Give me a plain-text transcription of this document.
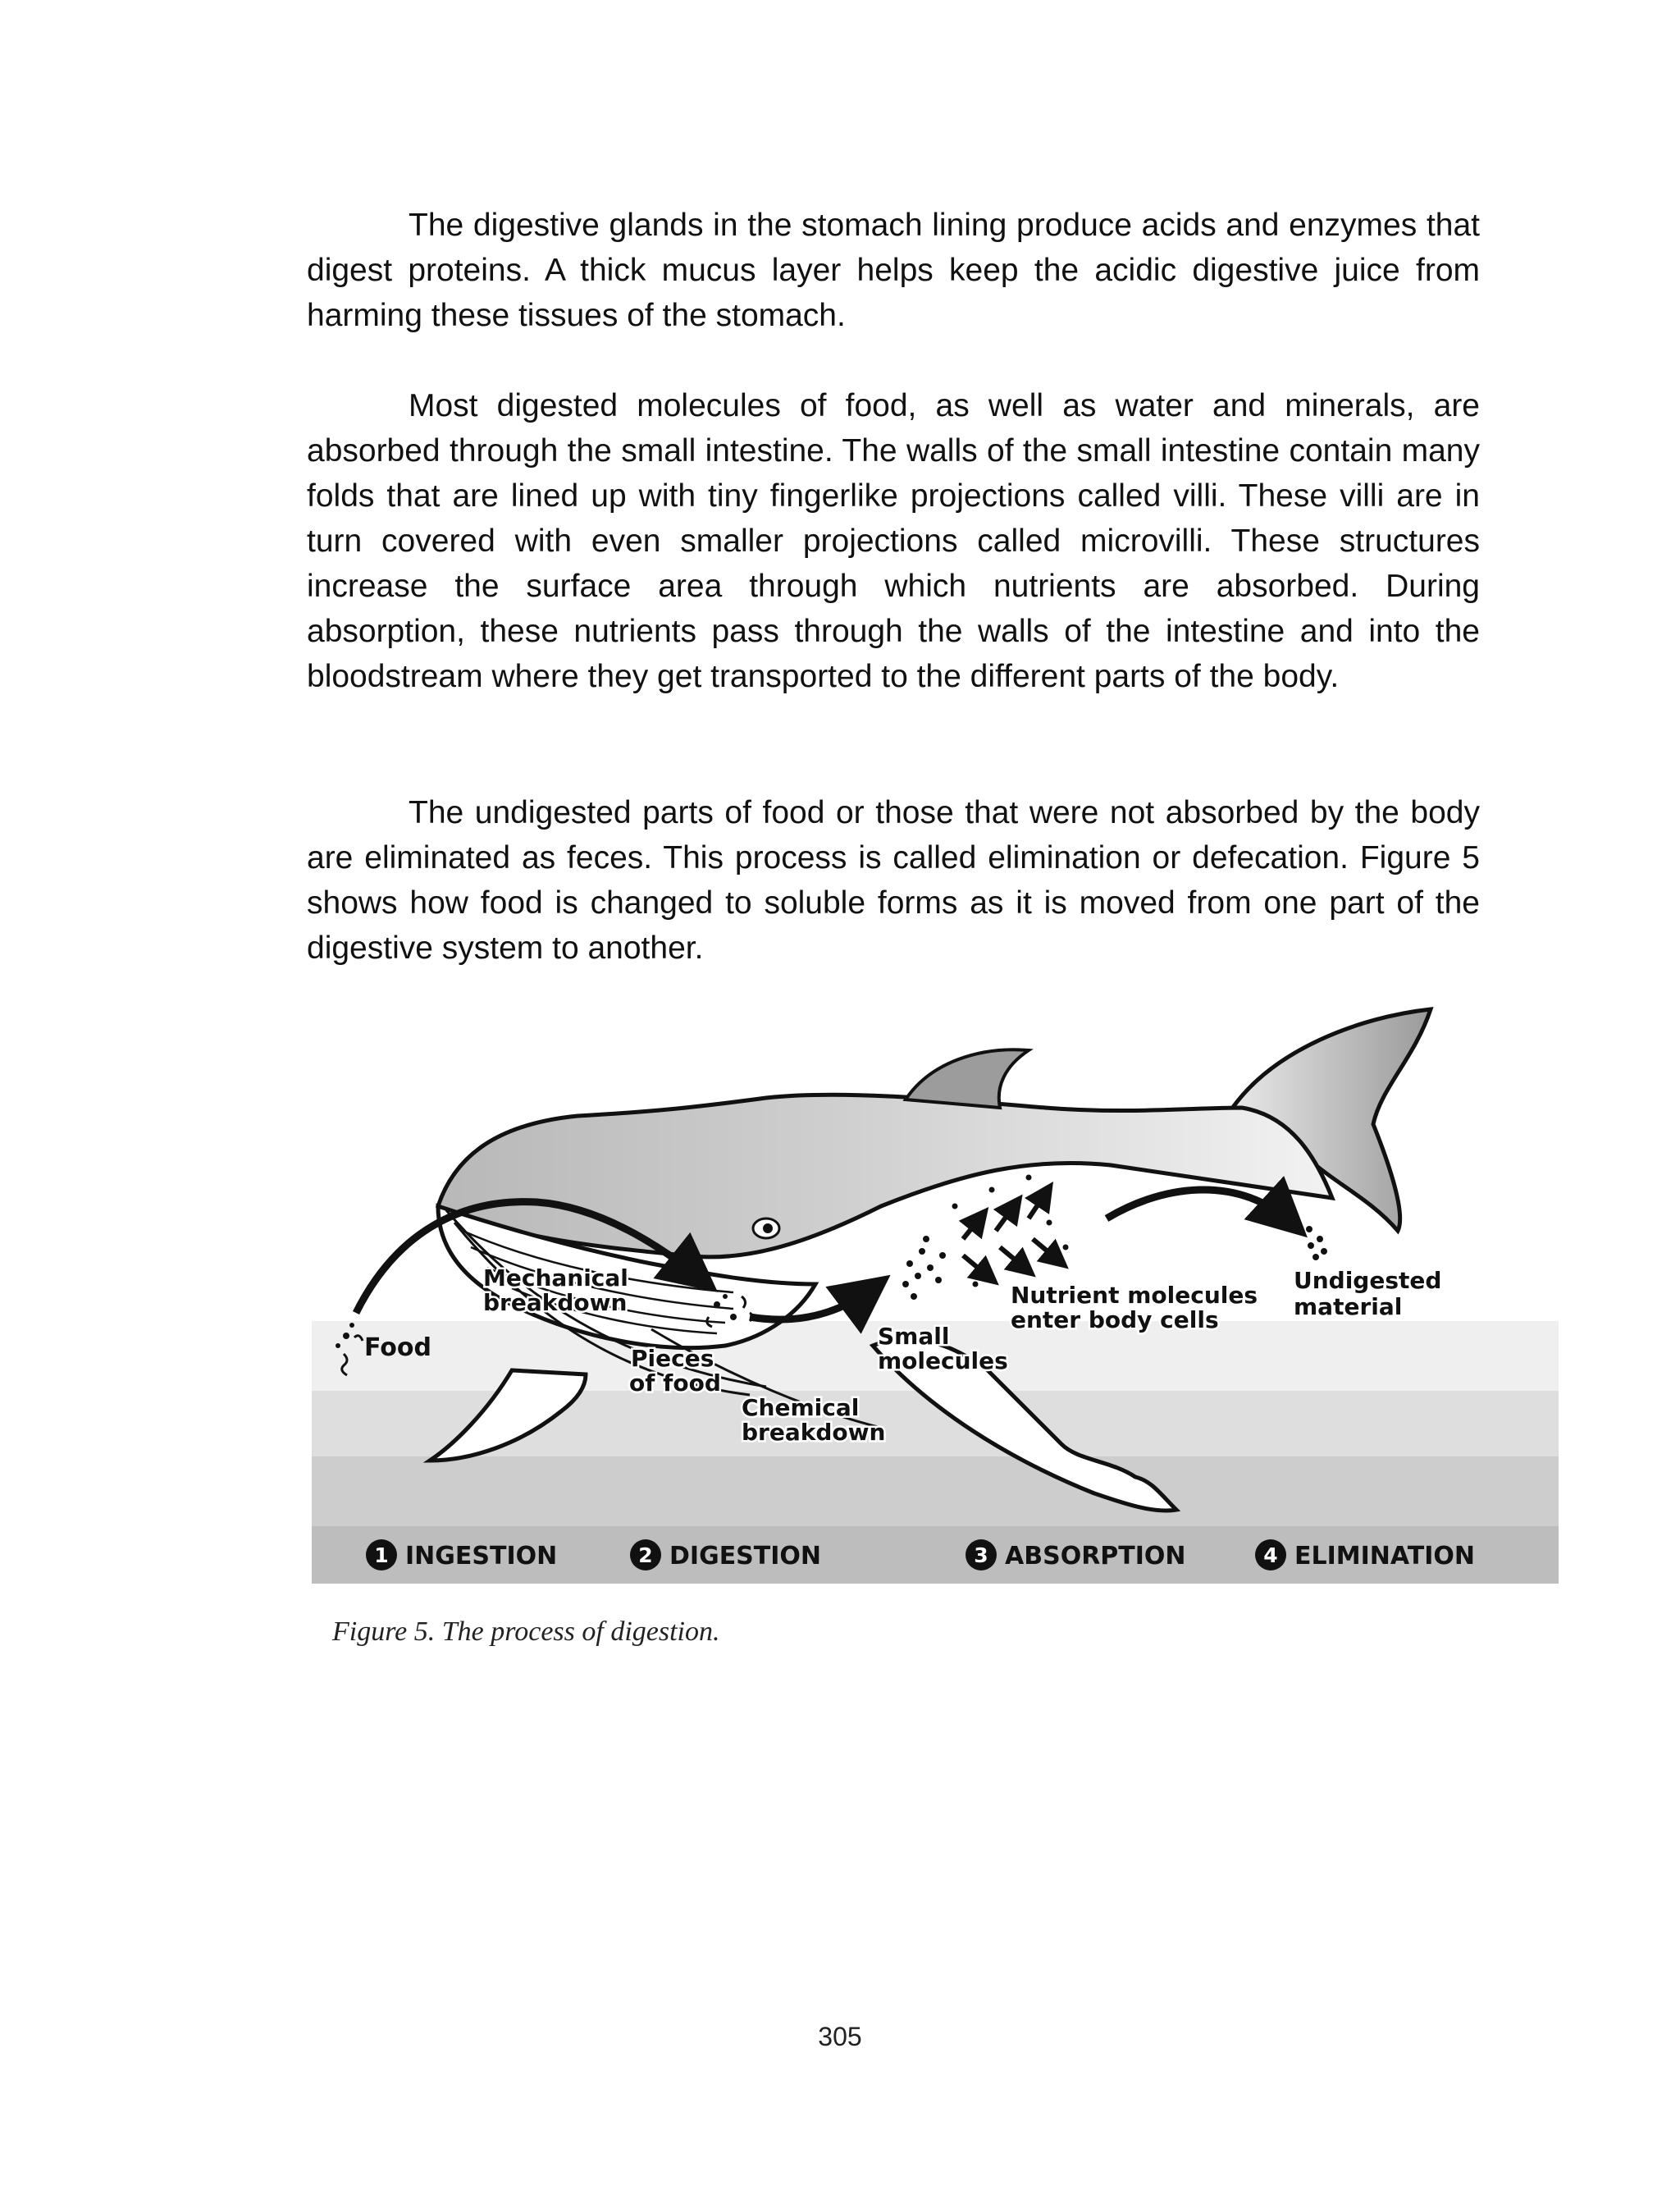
The digestive glands in the stomach lining produce acids and enzymes that digest proteins. A thick mucus layer helps keep the acidic digestive juice from harming these tissues of the stomach.

Most digested molecules of food, as well as water and minerals, are absorbed through the small intestine. The walls of the small intestine contain many folds that are lined up with tiny fingerlike projections called villi. These villi are in turn covered with even smaller projections called microvilli. These structures increase the surface area through which nutrients are absorbed. During absorption, these nutrients pass through the walls of the intestine and into the bloodstream where they get transported to the different parts of the body.

The undigested parts of food or those that were not absorbed by the body are eliminated as feces. This process is called elimination or defecation. Figure 5 shows how food is changed to soluble forms as it is moved from one part of the digestive system to another.

Food
Mechanical
breakdown
Pieces
of food
Chemical
breakdown
Small
molecules
Nutrient molecules
enter body cells
Undigested
material
1 INGESTION	2 DIGESTION	3 ABSORPTION	4 ELIMINATION
Figure 5. The process of digestion.
305
